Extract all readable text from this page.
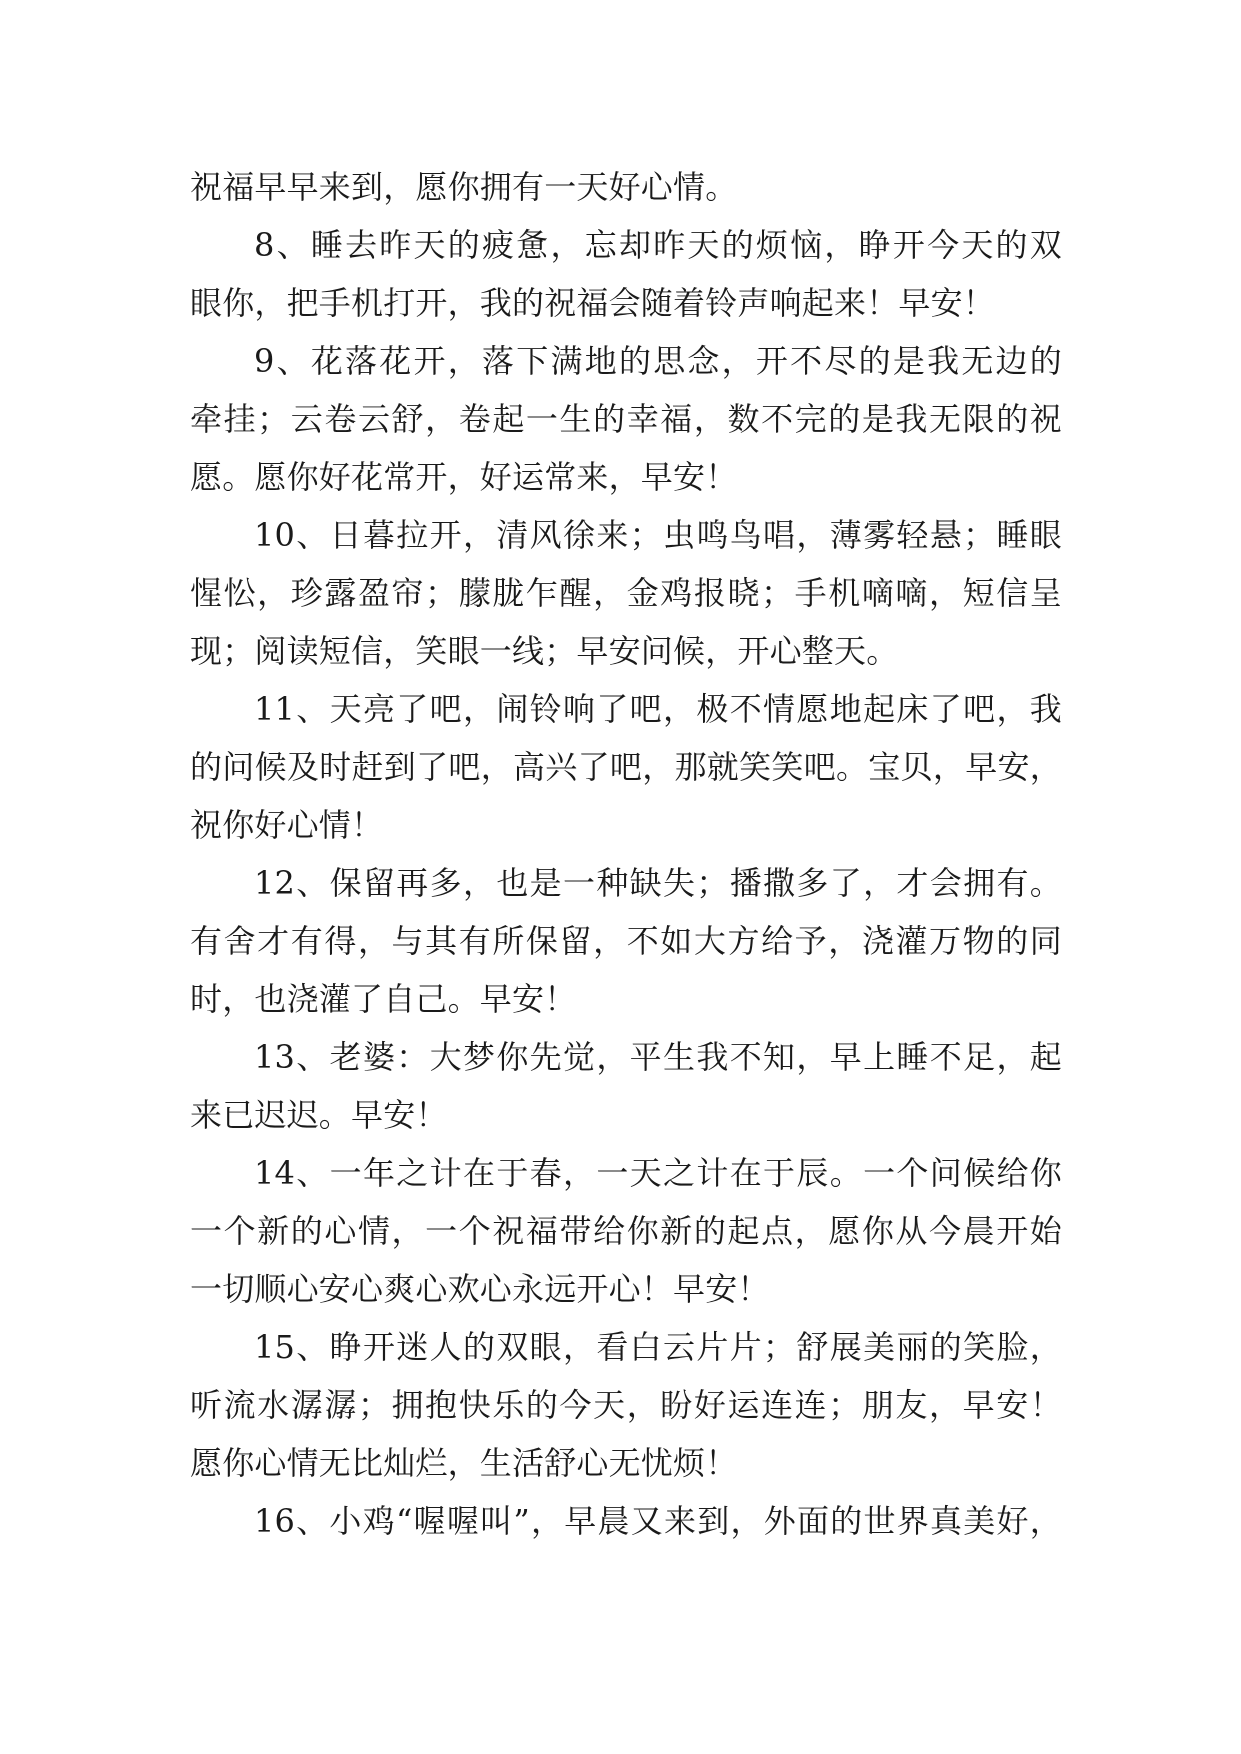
祝福早早来到，愿你拥有一天好心情。
8、睡去昨天的疲惫，忘却昨天的烦恼，睁开今天的双
眼你，把手机打开，我的祝福会随着铃声响起来！早安！
9、花落花开，落下满地的思念，开不尽的是我无边的
牵挂；云卷云舒，卷起一生的幸福，数不完的是我无限的祝
愿。愿你好花常开，好运常来，早安！
10、日暮拉开，清风徐来；虫鸣鸟唱，薄雾轻悬；睡眼
惺忪，珍露盈帘；朦胧乍醒，金鸡报晓；手机嘀嘀，短信呈
现；阅读短信，笑眼一线；早安问候，开心整天。
11、天亮了吧，闹铃响了吧，极不情愿地起床了吧，我
的问候及时赶到了吧，高兴了吧，那就笑笑吧。宝贝，早安，
祝你好心情！
12、保留再多，也是一种缺失；播撒多了，才会拥有。
有舍才有得，与其有所保留，不如大方给予，浇灌万物的同
时，也浇灌了自己。早安！
13、老婆：大梦你先觉，平生我不知，早上睡不足，起
来已迟迟。早安！
14、一年之计在于春，一天之计在于辰。一个问候给你
一个新的心情，一个祝福带给你新的起点，愿你从今晨开始
一切顺心安心爽心欢心永远开心！早安！
15、睁开迷人的双眼，看白云片片；舒展美丽的笑脸，
听流水潺潺；拥抱快乐的今天，盼好运连连；朋友，早安！
愿你心情无比灿烂，生活舒心无忧烦！
16、小鸡“喔喔叫”，早晨又来到，外面的世界真美好，
